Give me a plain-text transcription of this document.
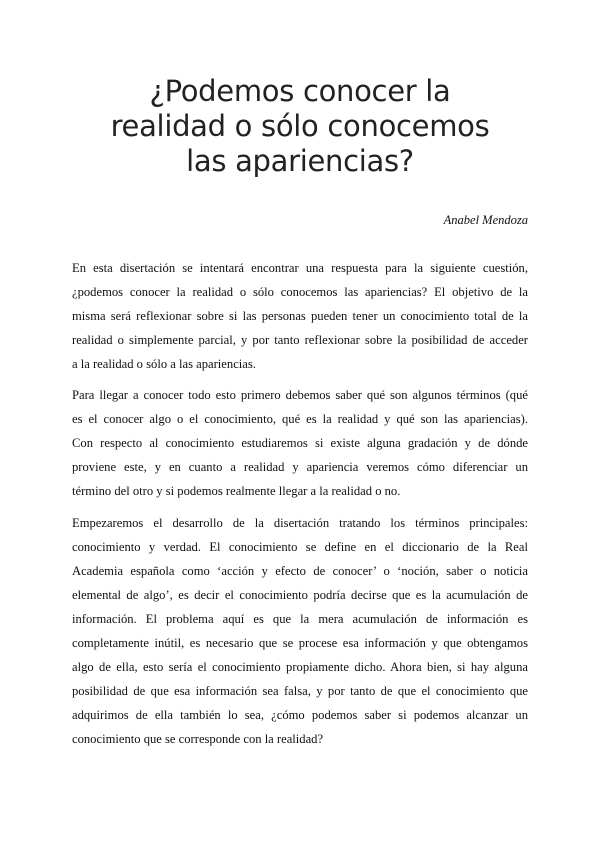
¿Podemos conocer la
realidad o sólo conocemos
las apariencias?
Anabel Mendoza
En esta disertación se intentará encontrar una respuesta para la siguiente cuestión,
¿podemos conocer la realidad o sólo conocemos las apariencias? El objetivo de la
misma será reflexionar sobre si las personas pueden tener un conocimiento total de la
realidad o simplemente parcial, y por tanto reflexionar sobre la posibilidad de acceder
a la realidad o sólo a las apariencias.
Para llegar a conocer todo esto primero debemos saber qué son algunos términos (qué
es el conocer algo o el conocimiento, qué es la realidad y qué son las apariencias).
Con respecto al conocimiento estudiaremos si existe alguna gradación y de dónde
proviene este, y en cuanto a realidad y apariencia veremos cómo diferenciar un
término del otro y si podemos realmente llegar a la realidad o no.
Empezaremos el desarrollo de la disertación tratando los términos principales:
conocimiento y verdad. El conocimiento se define en el diccionario de la Real
Academia española como ‘acción y efecto de conocer’ o ‘noción, saber o noticia
elemental de algo’, es decir el conocimiento podría decirse que es la acumulación de
información. El problema aquí es que la mera acumulación de información es
completamente inútil, es necesario que se procese esa información y que obtengamos
algo de ella, esto sería el conocimiento propiamente dicho. Ahora bien, si hay alguna
posibilidad de que esa información sea falsa, y por tanto de que el conocimiento que
adquirimos de ella también lo sea, ¿cómo podemos saber si podemos alcanzar un
conocimiento que se corresponde con la realidad?
